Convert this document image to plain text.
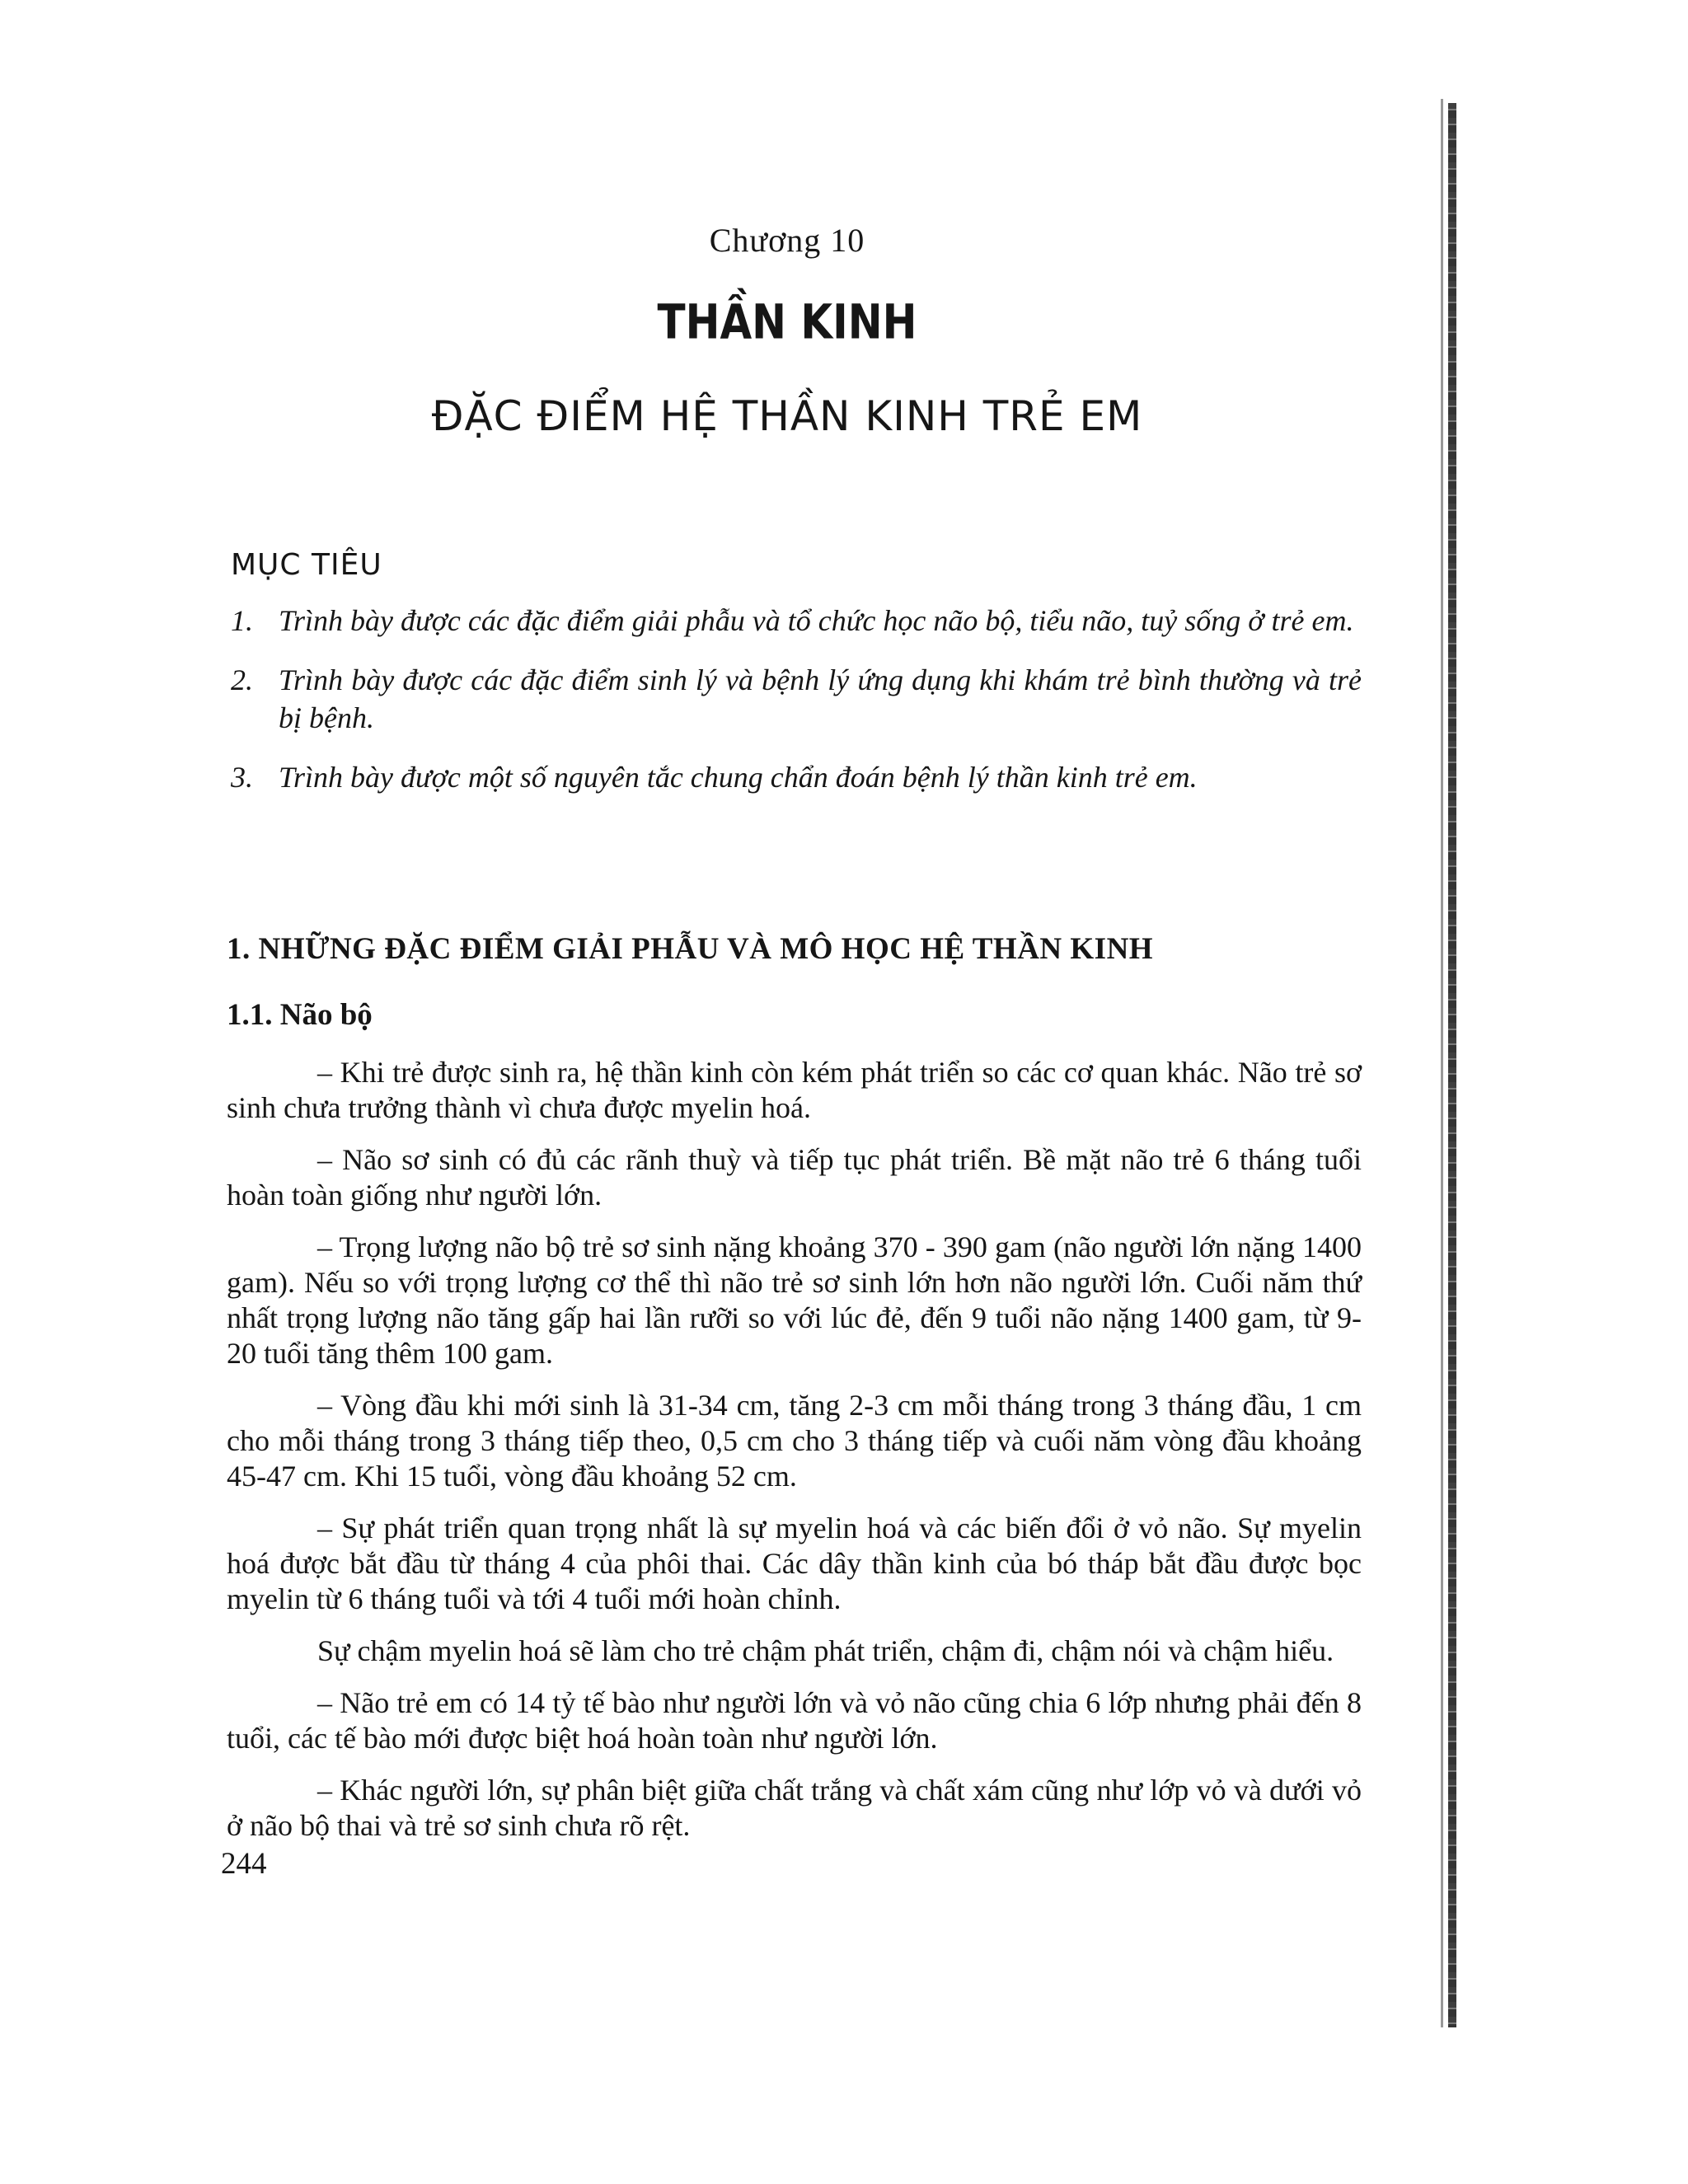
Chương 10
THẦN KINH
ĐẶC ĐIỂM HỆ THẦN KINH TRẺ EM
MỤC TIÊU
1. Trình bày được các đặc điểm giải phẫu và tổ chức học não bộ, tiểu não, tuỷ sống ở trẻ em.
2. Trình bày được các đặc điểm sinh lý và bệnh lý ứng dụng khi khám trẻ bình thường và trẻ bị bệnh.
3. Trình bày được một số nguyên tắc chung chẩn đoán bệnh lý thần kinh trẻ em.
1. NHỮNG ĐẶC ĐIỂM GIẢI PHẪU VÀ MÔ HỌC HỆ THẦN KINH
1.1. Não bộ

– Khi trẻ được sinh ra, hệ thần kinh còn kém phát triển so các cơ quan khác. Não trẻ sơ sinh chưa trưởng thành vì chưa được myelin hoá.

– Não sơ sinh có đủ các rãnh thuỳ và tiếp tục phát triển. Bề mặt não trẻ 6 tháng tuổi hoàn toàn giống như người lớn.

– Trọng lượng não bộ trẻ sơ sinh nặng khoảng 370 - 390 gam (não người lớn nặng 1400 gam). Nếu so với trọng lượng cơ thể thì não trẻ sơ sinh lớn hơn não người lớn. Cuối năm thứ nhất trọng lượng não tăng gấp hai lần rưỡi so với lúc đẻ, đến 9 tuổi não nặng 1400 gam, từ 9-20 tuổi tăng thêm 100 gam.

– Vòng đầu khi mới sinh là 31-34 cm, tăng 2-3 cm mỗi tháng trong 3 tháng đầu, 1 cm cho mỗi tháng trong 3 tháng tiếp theo, 0,5 cm cho 3 tháng tiếp và cuối năm vòng đầu khoảng 45-47 cm. Khi 15 tuổi, vòng đầu khoảng 52 cm.

– Sự phát triển quan trọng nhất là sự myelin hoá và các biến đổi ở vỏ não. Sự myelin hoá được bắt đầu từ tháng 4 của phôi thai. Các dây thần kinh của bó tháp bắt đầu được bọc myelin từ 6 tháng tuổi và tới 4 tuổi mới hoàn chỉnh.

Sự chậm myelin hoá sẽ làm cho trẻ chậm phát triển, chậm đi, chậm nói và chậm hiểu.

– Não trẻ em có 14 tỷ tế bào như người lớn và vỏ não cũng chia 6 lớp nhưng phải đến 8 tuổi, các tế bào mới được biệt hoá hoàn toàn như người lớn.

– Khác người lớn, sự phân biệt giữa chất trắng và chất xám cũng như lớp vỏ và dưới vỏ ở não bộ thai và trẻ sơ sinh chưa rõ rệt.

244
